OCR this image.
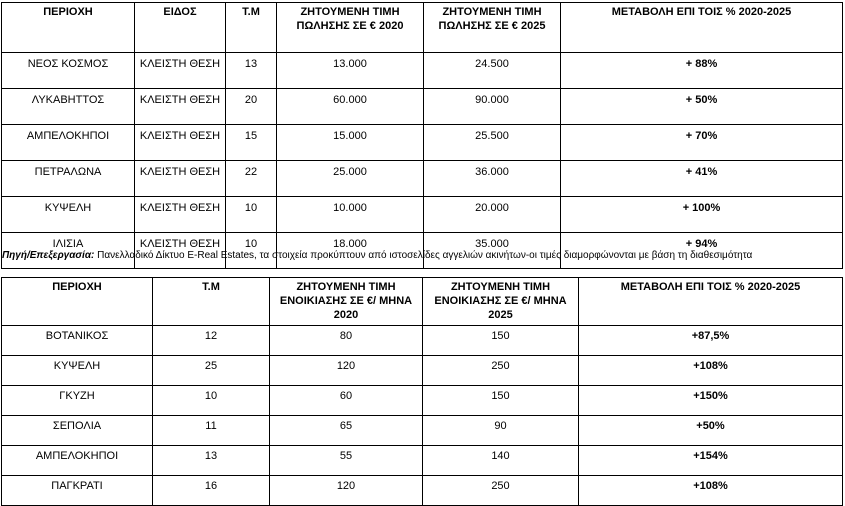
ΠΕΡΙΟΧΗ	ΕΙΔΟΣ	Τ.Μ	ΖΗΤΟΥΜΕΝΗ ΤΙΜΗ ΠΩΛΗΣΗΣ ΣΕ € 2020	ΖΗΤΟΥΜΕΝΗ ΤΙΜΗ ΠΩΛΗΣΗΣ ΣΕ € 2025	ΜΕΤΑΒΟΛΗ ΕΠΙ ΤΟΙΣ % 2020-2025
ΝΕΟΣ ΚΟΣΜΟΣ	ΚΛΕΙΣΤΗ ΘΕΣΗ	13	13.000	24.500	+ 88%
ΛΥΚΑΒΗΤΤΟΣ	ΚΛΕΙΣΤΗ ΘΕΣΗ	20	60.000	90.000	+ 50%
ΑΜΠΕΛΟΚΗΠΟΙ	ΚΛΕΙΣΤΗ ΘΕΣΗ	15	15.000	25.500	+ 70%
ΠΕΤΡΑΛΩΝΑ	ΚΛΕΙΣΤΗ ΘΕΣΗ	22	25.000	36.000	+ 41%
ΚΥΨΕΛΗ	ΚΛΕΙΣΤΗ ΘΕΣΗ	10	10.000	20.000	+ 100%
ΙΛΙΣΙΑ	ΚΛΕΙΣΤΗ ΘΕΣΗ	10	18.000	35.000	+ 94%
Πηγή/Επεξεργασία: Πανελλαδικό Δίκτυο E-Real Estates, τα στοιχεία προκύπτουν από ιστοσελίδες αγγελιών ακινήτων-οι τιμές διαμορφώνονται με βάση τη διαθεσιμότητα
ΠΕΡΙΟΧΗ	Τ.Μ	ΖΗΤΟΥΜΕΝΗ ΤΙΜΗ ΕΝΟΙΚΙΑΣΗΣ ΣΕ €/ ΜΗΝΑ 2020	ΖΗΤΟΥΜΕΝΗ ΤΙΜΗ ΕΝΟΙΚΙΑΣΗΣ ΣΕ €/ ΜΗΝΑ 2025	ΜΕΤΑΒΟΛΗ ΕΠΙ ΤΟΙΣ % 2020-2025
ΒΟΤΑΝΙΚΟΣ	12	80	150	+87,5%
ΚΥΨΕΛΗ	25	120	250	+108%
ΓΚΥΖΗ	10	60	150	+150%
ΣΕΠΟΛΙΑ	11	65	90	+50%
ΑΜΠΕΛΟΚΗΠΟΙ	13	55	140	+154%
ΠΑΓΚΡΑΤΙ	16	120	250	+108%
